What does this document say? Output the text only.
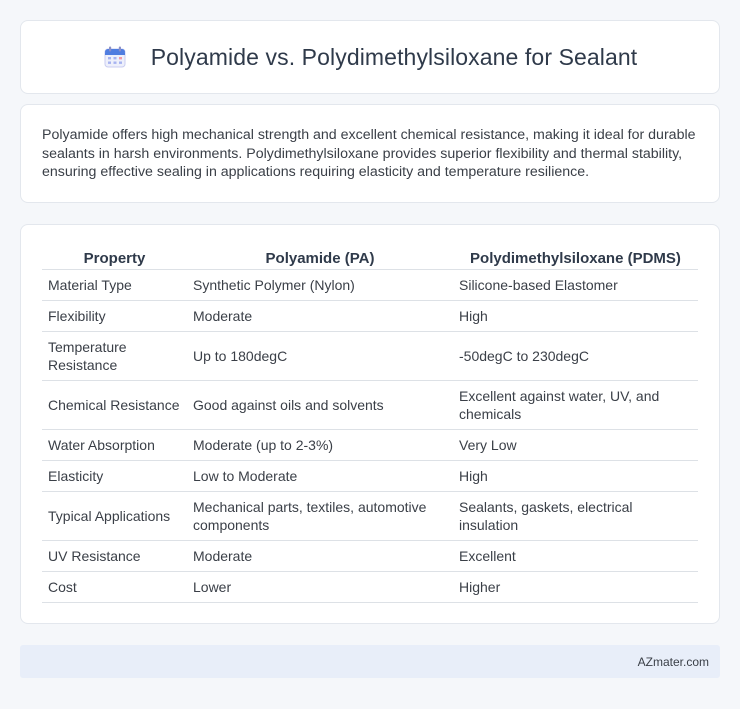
Polyamide vs. Polydimethylsiloxane for Sealant

Polyamide offers high mechanical strength and excellent chemical resistance, making it ideal for durable sealants in harsh environments. Polydimethylsiloxane provides superior flexibility and thermal stability, ensuring effective sealing in applications requiring elasticity and temperature resilience.

Property	Polyamide (PA)	Polydimethylsiloxane (PDMS)
Material Type	Synthetic Polymer (Nylon)	Silicone-based Elastomer
Flexibility	Moderate	High
Temperature Resistance	Up to 180degC	-50degC to 230degC
Chemical Resistance	Good against oils and solvents	Excellent against water, UV, and chemicals
Water Absorption	Moderate (up to 2-3%)	Very Low
Elasticity	Low to Moderate	High
Typical Applications	Mechanical parts, textiles, automotive components	Sealants, gaskets, electrical insulation
UV Resistance	Moderate	Excellent
Cost	Lower	Higher
AZmater.com
